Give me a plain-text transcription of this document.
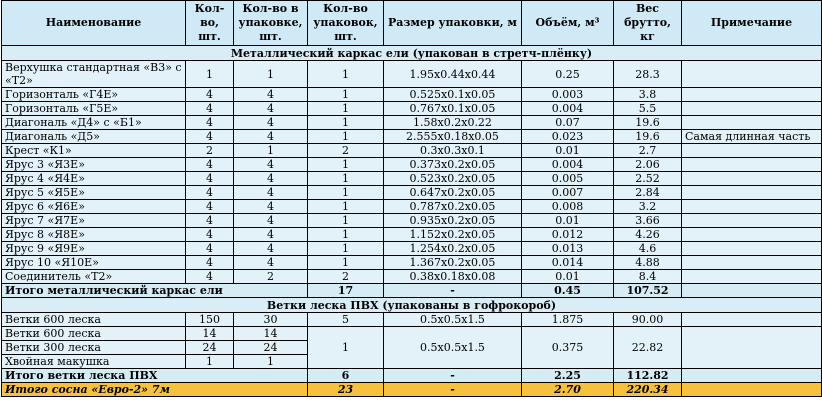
Наименование	Кол-во, шт.	Кол-во в упаковке, шт.	Кол-во упаковок, шт.	Размер упаковки, м	Объём, м³	Вес брутто, кг	Примечание
Металлический каркас ели (упакован в стретч-плёнку)							
Верхушка стандартная «В3» с «Т2»	1	1	1	1.95x0.44x0.44	0.25	28.3	
Горизонталь «Г4Е»	4	4	1	0.525x0.1x0.05	0.003	3.8	
Горизонталь «Г5Е»	4	4	1	0.767x0.1x0.05	0.004	5.5	
Диагональ «Д4» с «Б1»	4	4	1	1.58x0.2x0.22	0.07	19.6	
Диагональ «Д5»	4	4	1	2.555x0.18x0.05	0.023	19.6	Самая длинная часть
Крест «К1»	2	1	2	0.3x0.3x0.1	0.01	2.7	
Ярус 3 «Я3Е»	4	4	1	0.373x0.2x0.05	0.004	2.06	
Ярус 4 «Я4Е»	4	4	1	0.523x0.2x0.05	0.005	2.52	
Ярус 5 «Я5Е»	4	4	1	0.647x0.2x0.05	0.007	2.84	
Ярус 6 «Я6Е»	4	4	1	0.787x0.2x0.05	0.008	3.2	
Ярус 7 «Я7Е»	4	4	1	0.935x0.2x0.05	0.01	3.66	
Ярус 8 «Я8Е»	4	4	1	1.152x0.2x0.05	0.012	4.26	
Ярус 9 «Я9Е»	4	4	1	1.254x0.2x0.05	0.013	4.6	
Ярус 10 «Я10Е»	4	4	1	1.367x0.2x0.05	0.014	4.88	
Соединитель «Т2»	4	2	2	0.38x0.18x0.08	0.01	8.4	
Итого металлический каркас ели			17	-	0.45	107.52	
Ветки леска ПВХ (упакованы в гофрокороб)							
Ветки 600 леска	150	30	5	0.5x0.5x1.5	1.875	90.00	
Ветки 600 леска	14	14	1	0.5x0.5x1.5	0.375	22.82	
Ветки 300 леска	24	24					
Хвойная макушка	1	1					
Итого ветки леска ПВХ			6	-	2.25	112.82	
Итого сосна «Евро-2» 7м			23	-	2.70	220.34	
